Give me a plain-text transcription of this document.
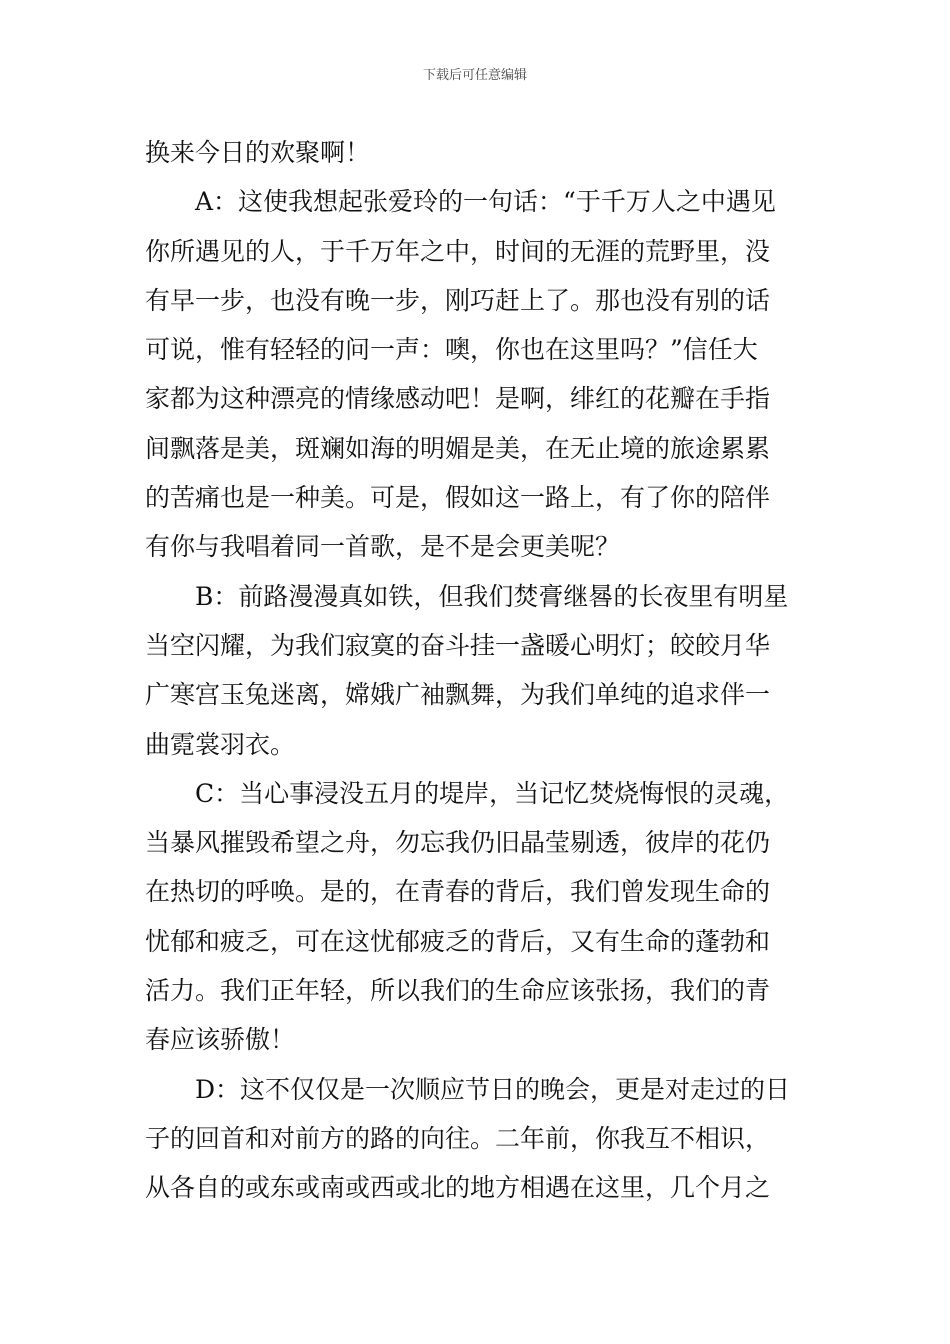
下载后可任意编辑
换来今日的欢聚啊！
A：这使我想起张爱玲的一句话：“于千万人之中遇见
你所遇见的人，于千万年之中，时间的无涯的荒野里，没
有早一步，也没有晚一步，刚巧赶上了。那也没有别的话
可说，惟有轻轻的问一声：噢，你也在这里吗？”信任大
家都为这种漂亮的情缘感动吧！是啊，绯红的花瓣在手指
间飘落是美，斑斓如海的明媚是美，在无止境的旅途累累
的苦痛也是一种美。可是，假如这一路上，有了你的陪伴
有你与我唱着同一首歌，是不是会更美呢？
B：前路漫漫真如铁，但我们焚膏继晷的长夜里有明星
当空闪耀，为我们寂寞的奋斗挂一盏暖心明灯；皎皎月华
广寒宫玉兔迷离，嫦娥广袖飘舞，为我们单纯的追求伴一
曲霓裳羽衣。
C：当心事浸没五月的堤岸，当记忆焚烧悔恨的灵魂，
当暴风摧毁希望之舟，勿忘我仍旧晶莹剔透，彼岸的花仍
在热切的呼唤。是的，在青春的背后，我们曾发现生命的
忧郁和疲乏，可在这忧郁疲乏的背后，又有生命的蓬勃和
活力。我们正年轻，所以我们的生命应该张扬，我们的青
春应该骄傲！
D：这不仅仅是一次顺应节日的晚会，更是对走过的日
子的回首和对前方的路的向往。二年前，你我互不相识，
从各自的或东或南或西或北的地方相遇在这里，几个月之
